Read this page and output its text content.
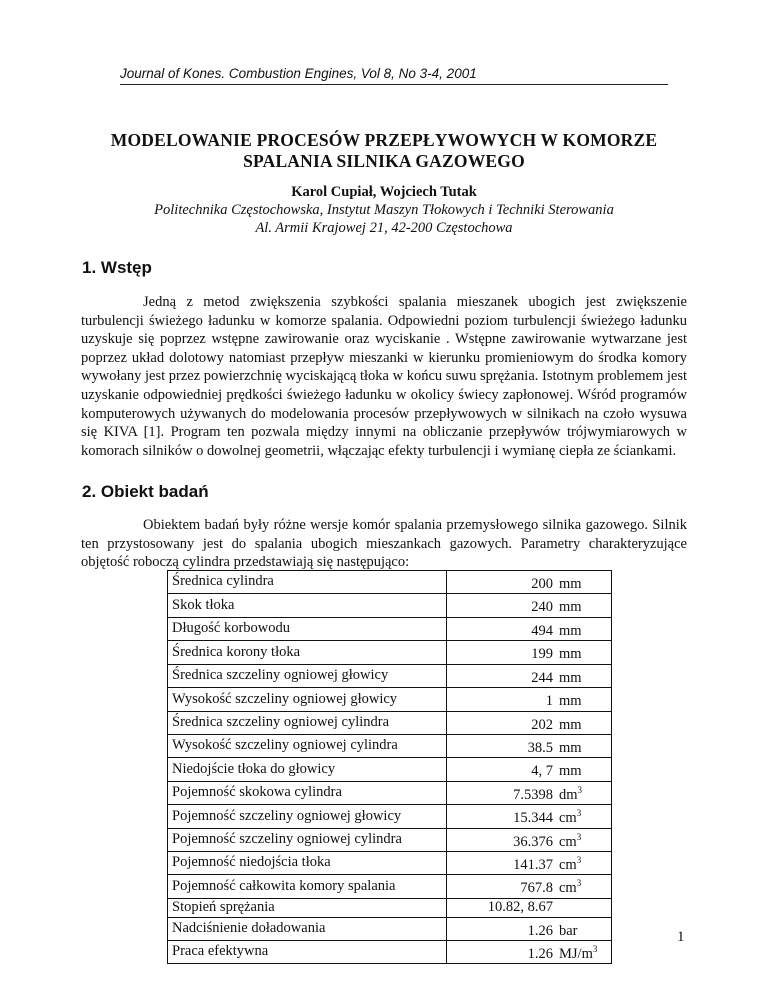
Journal of Kones. Combustion Engines, Vol 8, No 3-4, 2001
MODELOWANIE PROCESÓW PRZEPŁYWOWYCH W KOMORZE
SPALANIA SILNIKA GAZOWEGO
Karol Cupiał, Wojciech Tutak
Politechnika Częstochowska, Instytut Maszyn Tłokowych i Techniki Sterowania
Al. Armii Krajowej 21, 42-200 Częstochowa
1. Wstęp
Jedną z metod zwiększenia szybkości spalania mieszanek ubogich jest zwiększenie turbulencji świeżego ładunku w komorze spalania. Odpowiedni poziom turbulencji świeżego ładunku uzyskuje się poprzez wstępne zawirowanie oraz wyciskanie . Wstępne zawirowanie wytwarzane jest poprzez układ dolotowy natomiast przepływ mieszanki w kierunku promieniowym do środka komory wywołany jest przez powierzchnię wyciskającą tłoka w końcu suwu sprężania. Istotnym problemem jest uzyskanie odpowiedniej prędkości świeżego ładunku w okolicy świecy zapłonowej. Wśród programów komputerowych używanych do modelowania procesów przepływowych w silnikach na czoło wysuwa się KIVA [1]. Program ten pozwala między innymi na obliczanie przepływów trójwymiarowych w komorach silników o dowolnej geometrii, włączając efekty turbulencji i wymianę ciepła ze ściankami.
2. Obiekt badań
Obiektem badań były różne wersje komór spalania przemysłowego silnika gazowego. Silnik ten przystosowany jest do spalania ubogich mieszankach gazowych. Parametry charakteryzujące objętość roboczą cylindra przedstawiają się następująco:
Średnica cylindra	200 mm
Skok tłoka	240 mm
Długość korbowodu	494 mm
Średnica korony tłoka	199 mm
Średnica szczeliny ogniowej głowicy	244 mm
Wysokość szczeliny ogniowej głowicy	1 mm
Średnica szczeliny ogniowej cylindra	202 mm
Wysokość szczeliny ogniowej cylindra	38.5 mm
Niedojście tłoka do głowicy	4, 7 mm
Pojemność skokowa cylindra	7.5398 $dm^3$
Pojemność szczeliny ogniowej głowicy	15.344 $cm^3$
Pojemność szczeliny ogniowej cylindra	36.376 $cm^3$
Pojemność niedojścia tłoka	141.37 $cm^3$
Pojemność całkowita komory spalania	767.8 $cm^3$
Stopień sprężania	10.82, 8.67
Nadciśnienie doładowania	1.26 bar
Praca efektywna	1.26 $MJ/m^3$
1
